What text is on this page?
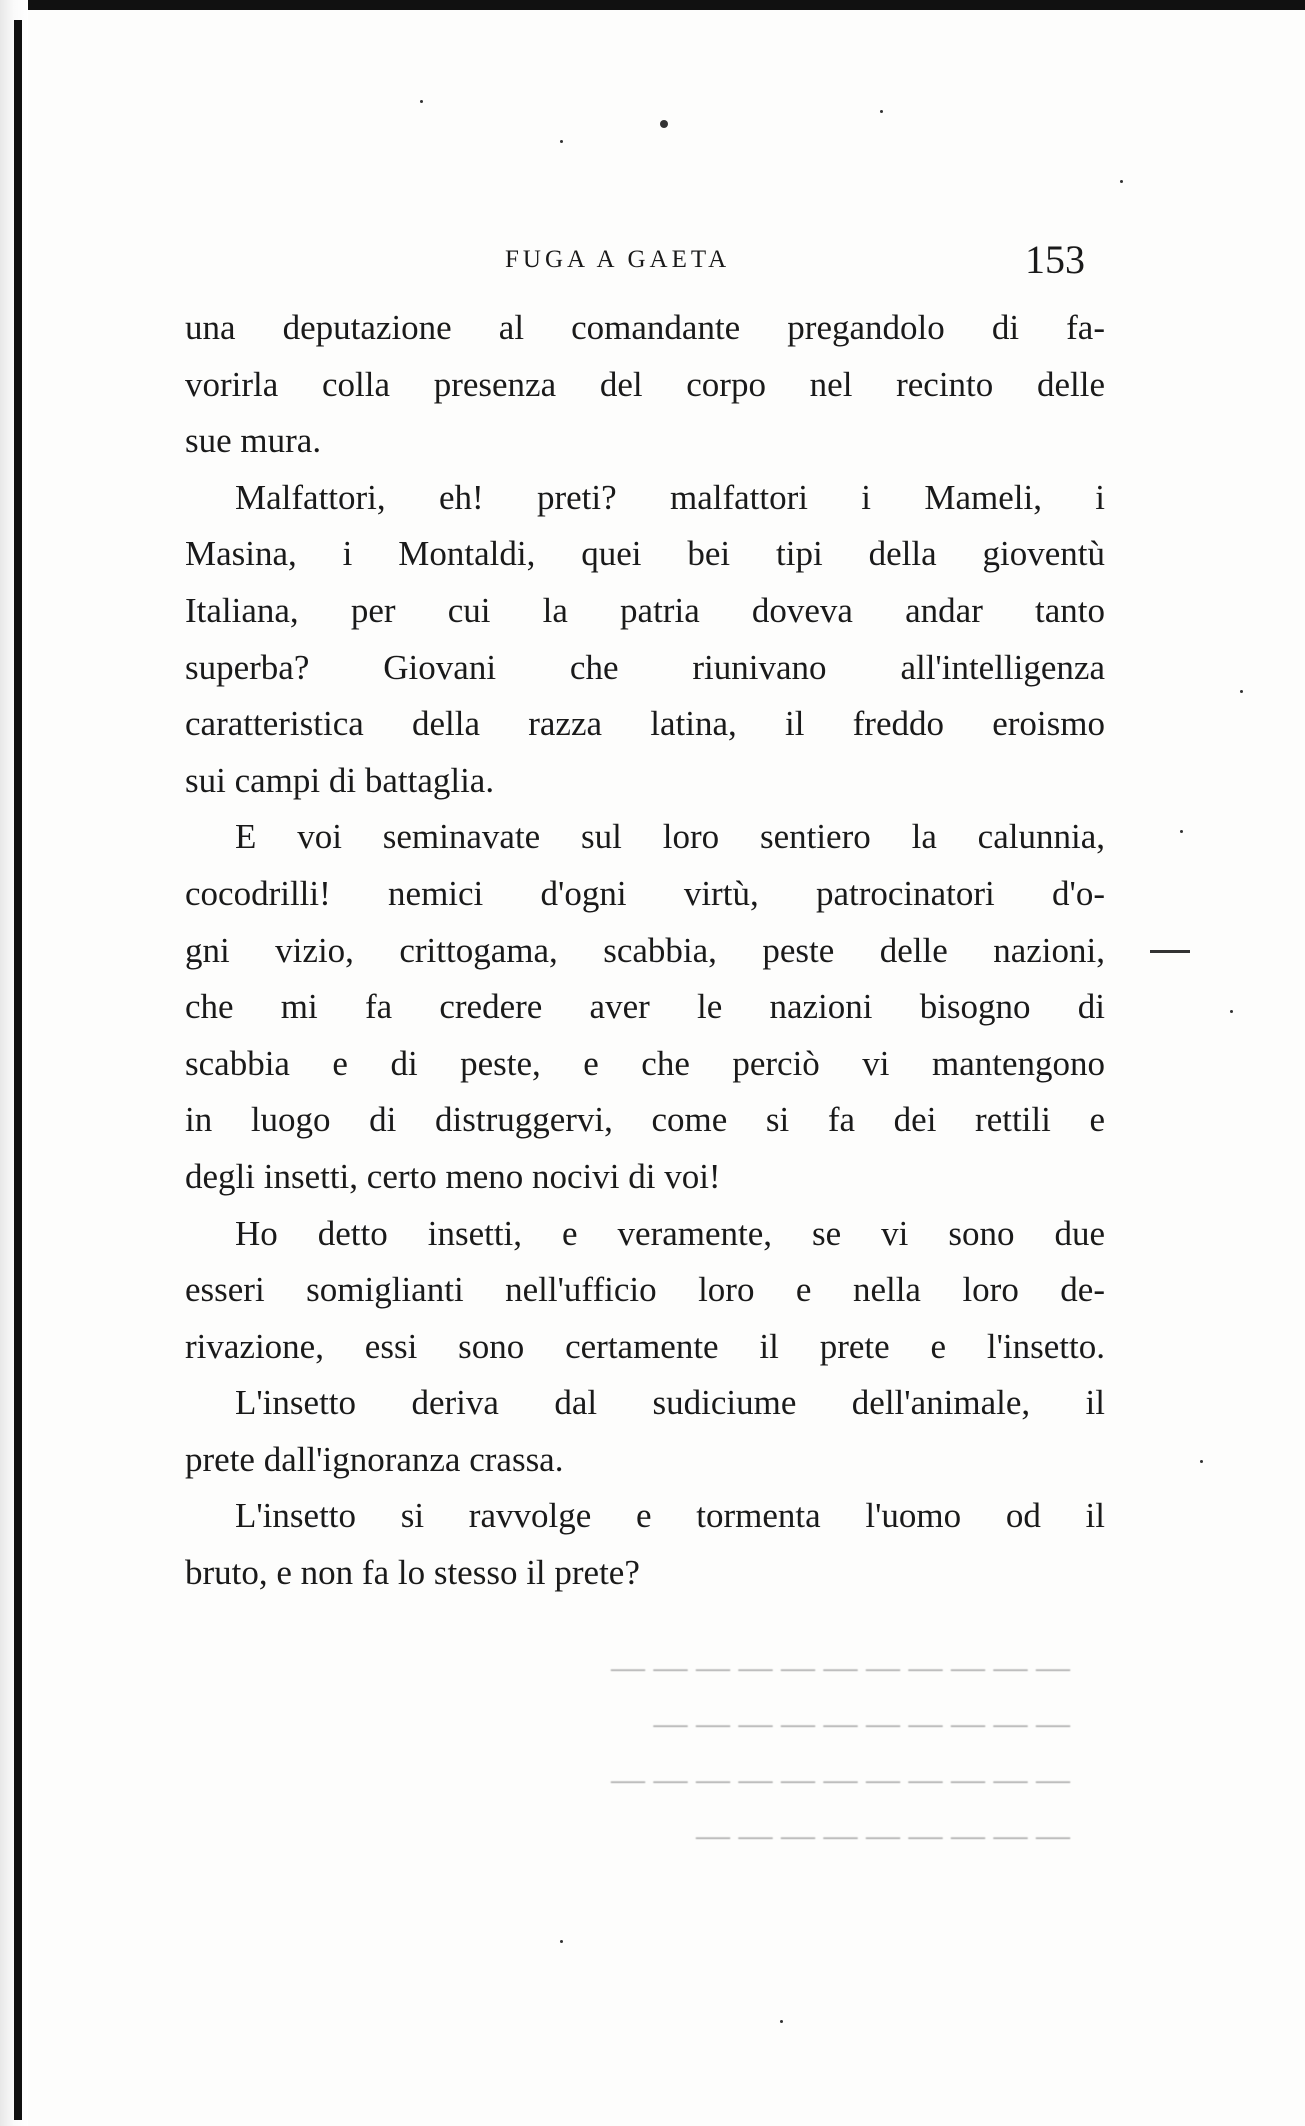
FUGA A GAETA	153
una deputazione al comandante pregandolo di fa-
vorirla colla presenza del corpo nel recinto delle
sue mura.
Malfattori, eh! preti? malfattori i Mameli, i
Masina, i Montaldi, quei bei tipi della gioventù
Italiana, per cui la patria doveva andar tanto
superba? Giovani che riunivano all'intelligenza
caratteristica della razza latina, il freddo eroismo
sui campi di battaglia.
E voi seminavate sul loro sentiero la calunnia,
cocodrilli! nemici d'ogni virtù, patrocinatori d'o-
gni vizio, crittogama, scabbia, peste delle nazioni,
che mi fa credere aver le nazioni bisogno di
scabbia e di peste, e che perciò vi mantengono
in luogo di distruggervi, come si fa dei rettili e
degli insetti, certo meno nocivi di voi!
Ho detto insetti, e veramente, se vi sono due
esseri somiglianti nell'ufficio loro e nella loro de-
rivazione, essi sono certamente il prete e l'insetto.
L'insetto deriva dal sudiciume dell'animale, il
prete dall'ignoranza crassa.
L'insetto si ravvolge e tormenta l'uomo od il
bruto, e non fa lo stesso il prete?
— — — — — — — — — — —
— — — — — — — — — —
— — — — — — — — — — —
— — — — — — — — —
